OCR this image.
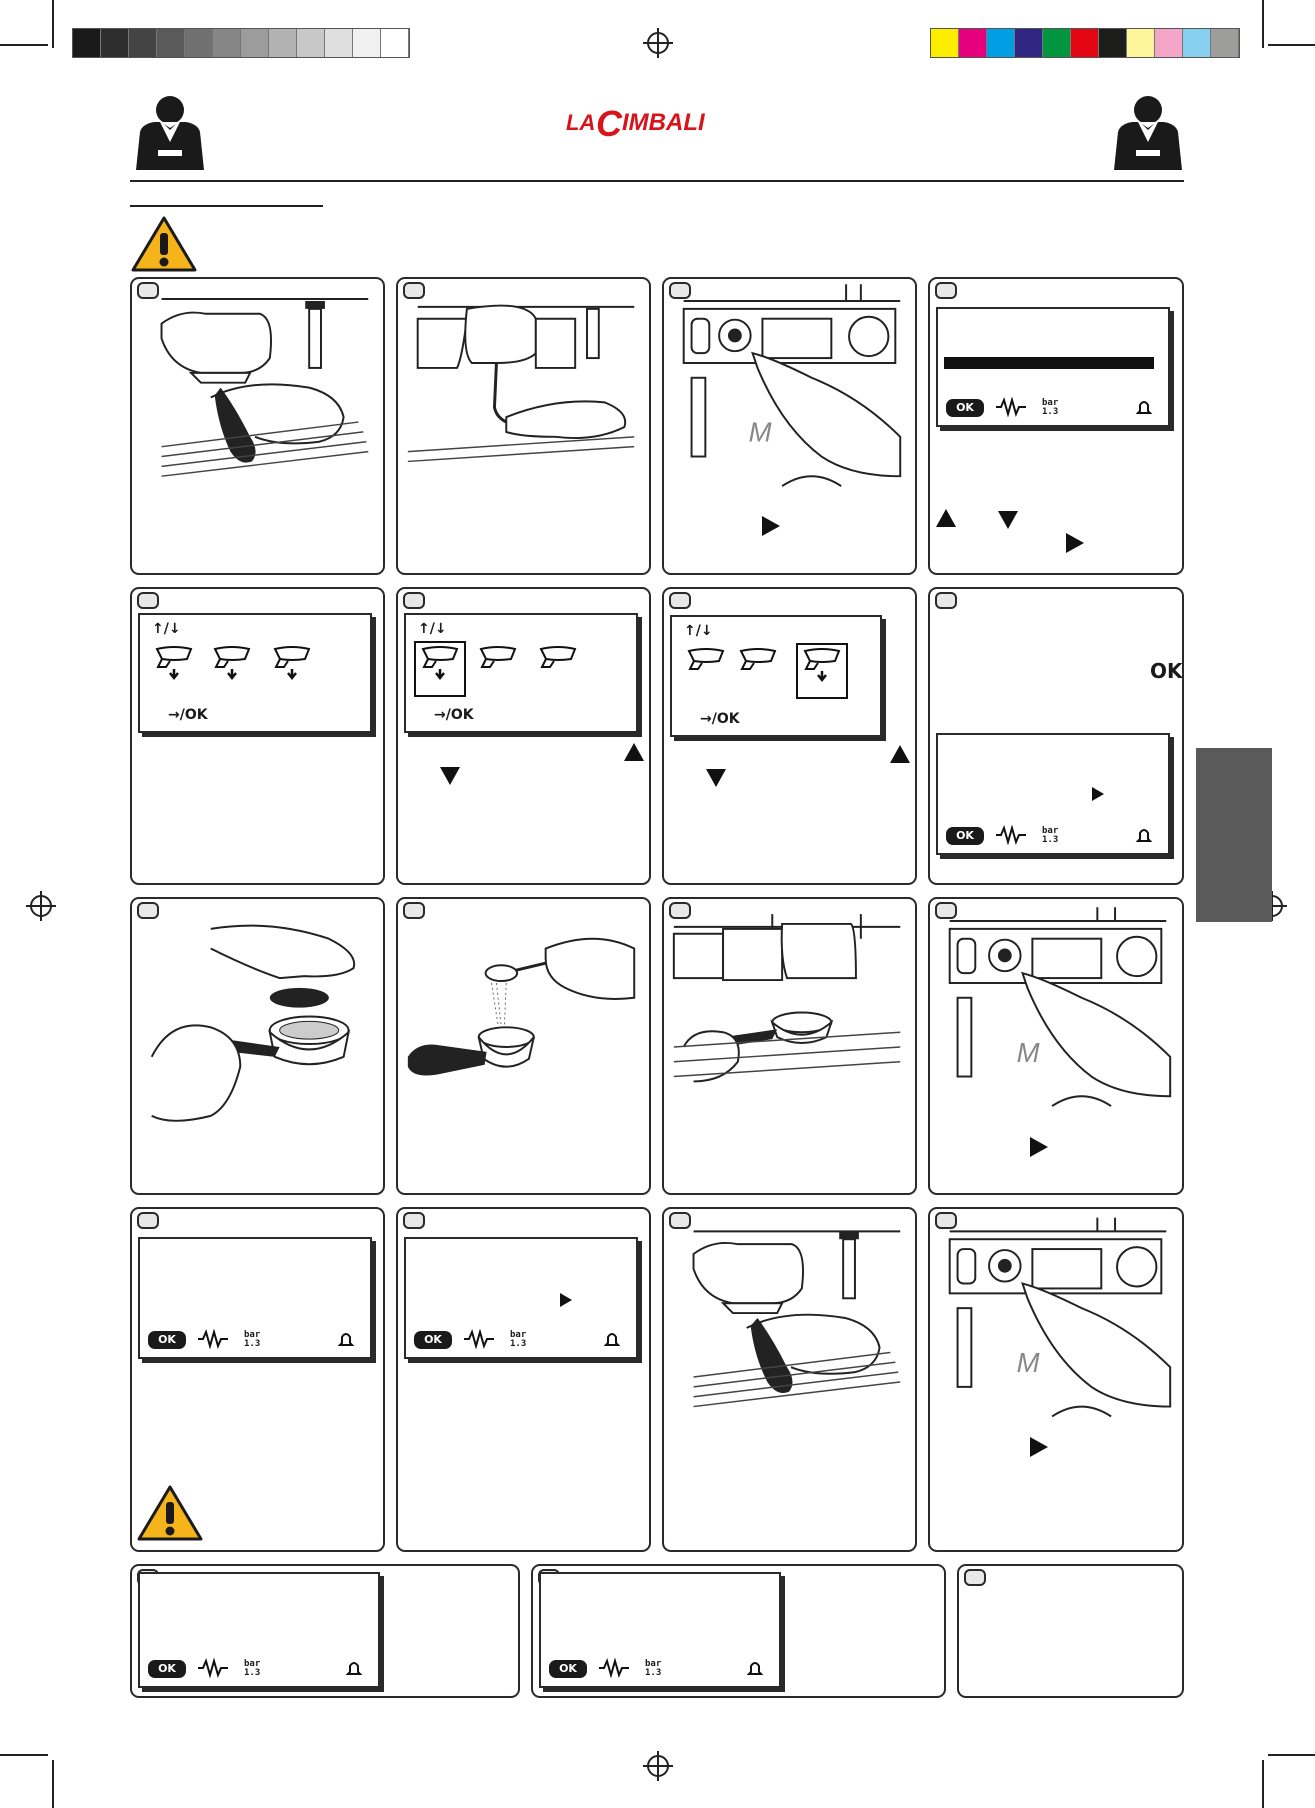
LA C IMBALI
M
OK	bar
1.3
↑/↓
→/OK
↑/↓
→/OK
↑/↓
→/OK
OK
OK	bar
1.3
M
OK	bar
1.3	OK	bar
1.3
M
OK	bar
1.3	OK	bar
1.3
